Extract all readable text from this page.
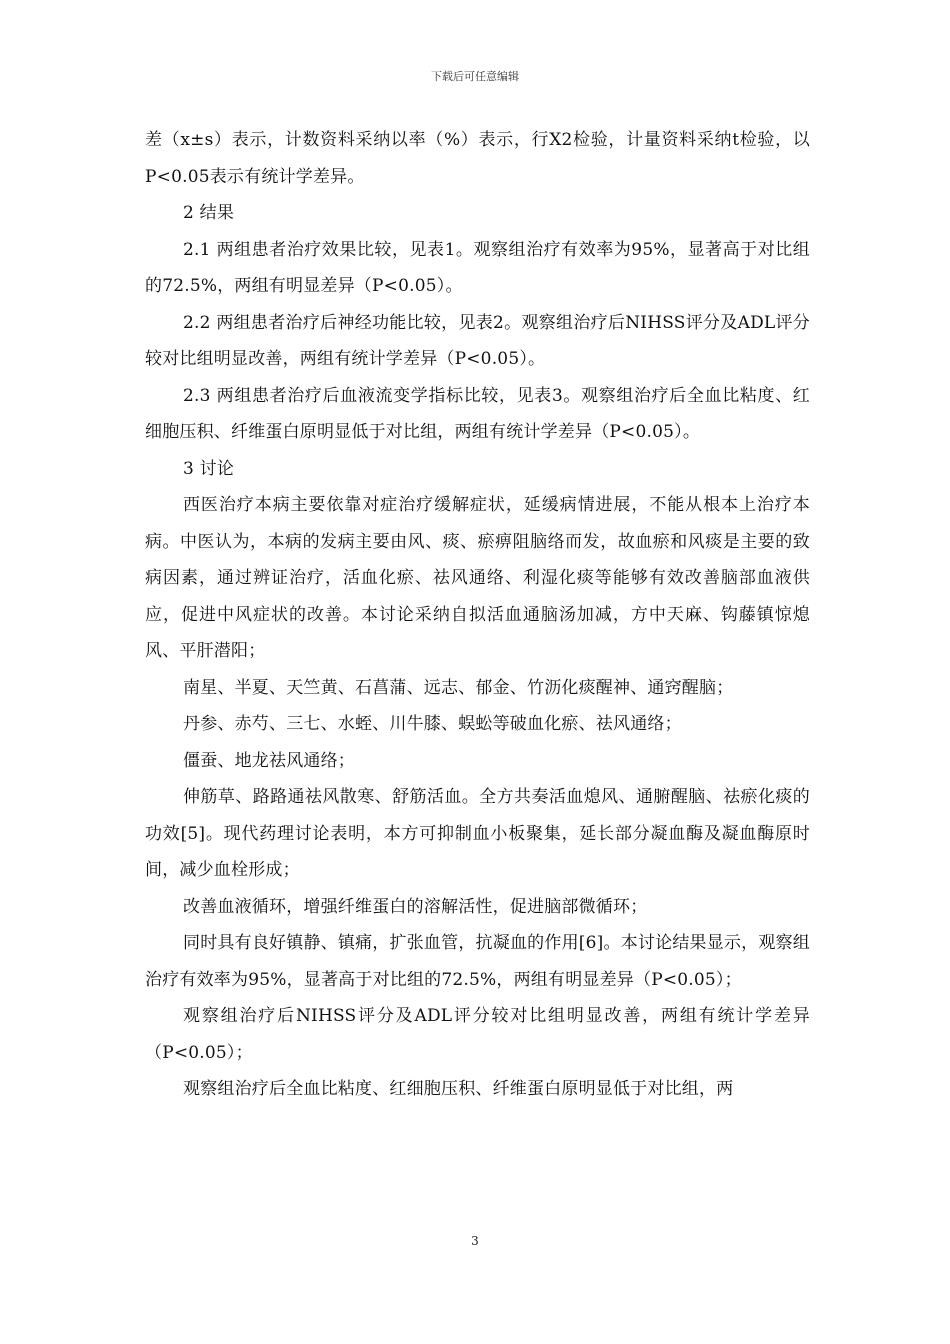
下载后可任意编辑

差（x±s）表示，计数资料采纳以率（%）表示，行X2检验，计量资料采纳t检验，以P<0.05表示有统计学差异。

2 结果

2.1 两组患者治疗效果比较，见表1。观察组治疗有效率为95%，显著高于对比组的72.5%，两组有明显差异（P<0.05）。

2.2 两组患者治疗后神经功能比较，见表2。观察组治疗后NIHSS评分及ADL评分较对比组明显改善，两组有统计学差异（P<0.05）。

2.3 两组患者治疗后血液流变学指标比较，见表3。观察组治疗后全血比粘度、红细胞压积、纤维蛋白原明显低于对比组，两组有统计学差异（P<0.05）。

3 讨论

西医治疗本病主要依靠对症治疗缓解症状，延缓病情进展，不能从根本上治疗本病。中医认为，本病的发病主要由风、痰、瘀痹阻脑络而发，故血瘀和风痰是主要的致病因素，通过辨证治疗，活血化瘀、祛风通络、利湿化痰等能够有效改善脑部血液供应，促进中风症状的改善。本讨论采纳自拟活血通脑汤加减，方中天麻、钩藤镇惊熄风、平肝潜阳；

南星、半夏、天竺黄、石菖蒲、远志、郁金、竹沥化痰醒神、通窍醒脑；

丹参、赤芍、三七、水蛭、川牛膝、蜈蚣等破血化瘀、祛风通络；

僵蚕、地龙祛风通络；

伸筋草、路路通祛风散寒、舒筋活血。全方共奏活血熄风、通腑醒脑、祛瘀化痰的功效[5]。现代药理讨论表明，本方可抑制血小板聚集，延长部分凝血酶及凝血酶原时间，减少血栓形成；

改善血液循环，增强纤维蛋白的溶解活性，促进脑部微循环；

同时具有良好镇静、镇痛，扩张血管，抗凝血的作用[6]。本讨论结果显示，观察组治疗有效率为95%，显著高于对比组的72.5%，两组有明显差异（P<0.05）；

观察组治疗后NIHSS评分及ADL评分较对比组明显改善，两组有统计学差异（P<0.05）；

观察组治疗后全血比粘度、红细胞压积、纤维蛋白原明显低于对比组，两

3
